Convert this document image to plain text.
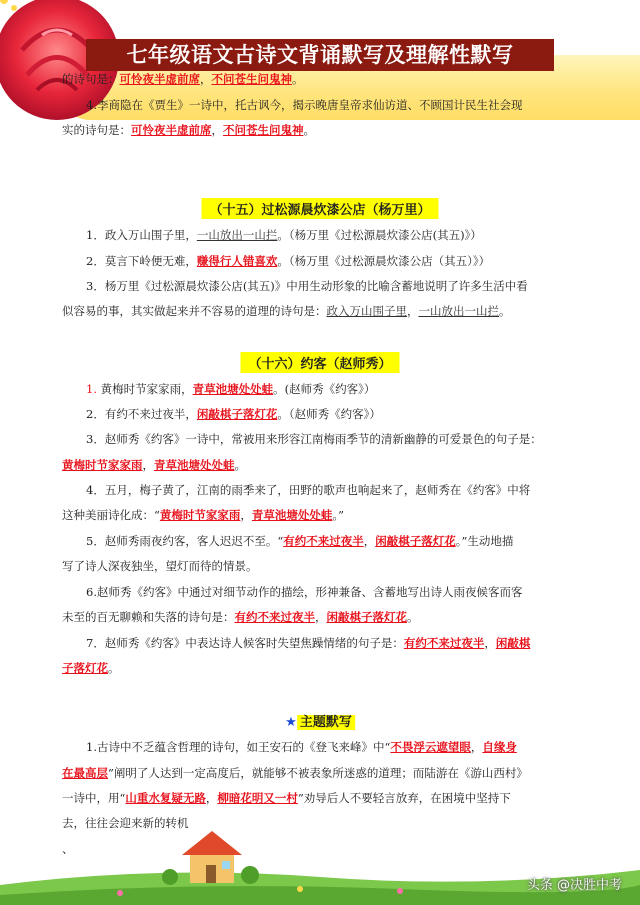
七年级语文古诗文背诵默写及理解性默写
的诗句是：可怜夜半虚前席，不问苍生问鬼神。
4.李商隐在《贾生》一诗中，托古讽今，揭示晚唐皇帝求仙访道、不顾国计民生社会现
实的诗句是：可怜夜半虚前席，不问苍生问鬼神。
（十五）过松源晨炊漆公店（杨万里）
1．政入万山围子里，一山放出一山拦。（杨万里《过松源晨炊漆公店(其五)》）
2．莫言下岭便无难，赚得行人错喜欢。（杨万里《过松源晨炊漆公店（其五）》）
3．杨万里《过松源晨炊漆公店(其五)》中用生动形象的比喻含蓄地说明了许多生活中看
似容易的事，其实做起来并不容易的道理的诗句是：政入万山围子里，一山放出一山拦。
（十六）约客（赵师秀）
1. 黄梅时节家家雨，青草池塘处处蛙。(赵师秀《约客》）
2．有约不来过夜半，闲敲棋子落灯花。（赵师秀《约客》）
3．赵师秀《约客》一诗中，常被用来形容江南梅雨季节的清新幽静的可爱景色的句子是：
黄梅时节家家雨，青草池塘处处蛙。
4．五月，梅子黄了，江南的雨季来了，田野的歌声也响起来了，赵师秀在《约客》中将
这种美丽诗化成：“黄梅时节家家雨，青草池塘处处蛙。”
5．赵师秀雨夜约客，客人迟迟不至。“有约不来过夜半，闲敲棋子落灯花。”生动地描
写了诗人深夜独坐，望灯而待的情景。
6.赵师秀《约客》中通过对细节动作的描绘，形神兼备、含蓄地写出诗人雨夜候客而客
未至的百无聊赖和失落的诗句是：有约不来过夜半，闲敲棋子落灯花。
7．赵师秀《约客》中表达诗人候客时失望焦躁情绪的句子是：有约不来过夜半，闲敲棋
子落灯花。
★ 主题默写
1.古诗中不乏蕴含哲理的诗句，如王安石的《登飞来峰》中“不畏浮云遮望眼，自缘身
在最高层”阐明了人达到一定高度后，就能够不被表象所迷惑的道理；而陆游在《游山西村》
一诗中，用“山重水复疑无路，柳暗花明又一村”劝导后人不要轻言放弃，在困境中坚持下
去，往往会迎来新的转机
、
头条 @决胜中考
